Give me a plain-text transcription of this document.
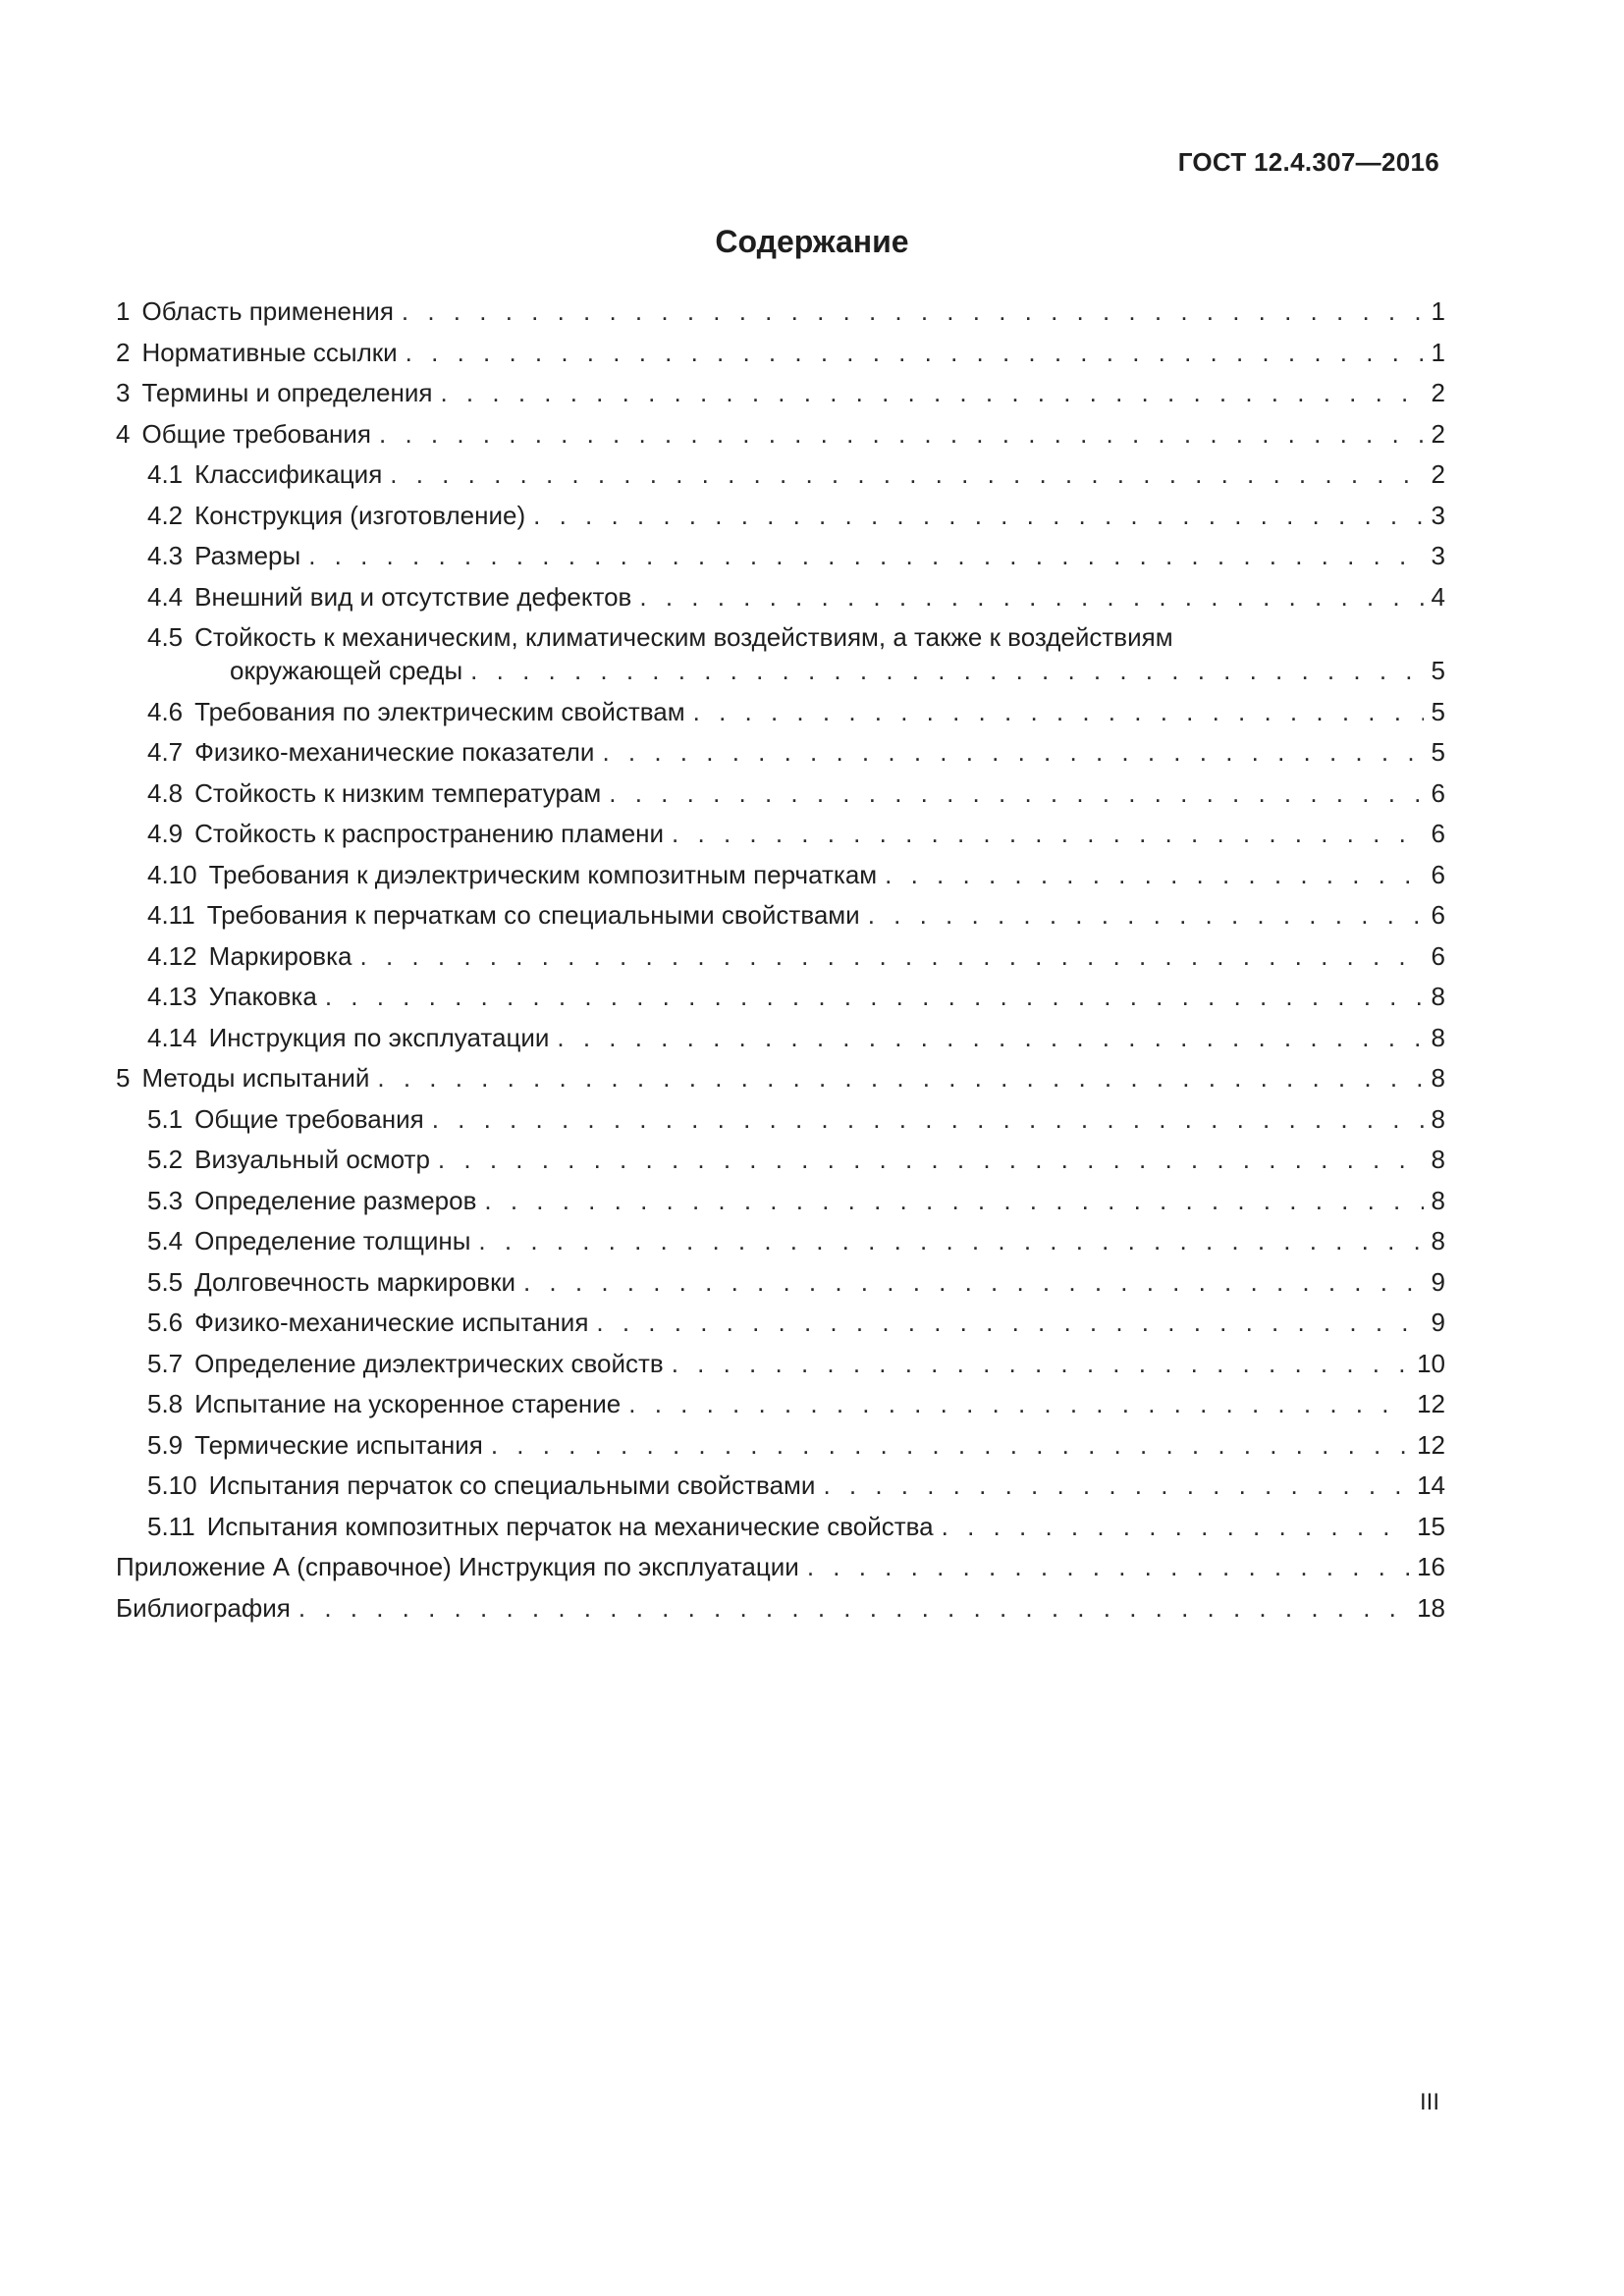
ГОСТ 12.4.307—2016
Содержание
1 Область применения . . .	1
2 Нормативные ссылки . . .	1
3 Термины и определения . . .	2
4 Общие требования . . .	2
4.1 Классификация . . .	2
4.2 Конструкция (изготовление) . . .	3
4.3 Размеры . . .	3
4.4 Внешний вид и отсутствие дефектов . . .	4
4.5 Стойкость к механическим, климатическим воздействиям, а также к воздействиям
окружающей среды . . .	5
4.6 Требования по электрическим свойствам . . .	5
4.7 Физико-механические показатели . . .	5
4.8 Стойкость к низким температурам . . .	6
4.9 Стойкость к распространению пламени . . .	6
4.10 Требования к диэлектрическим композитным перчаткам . . .	6
4.11 Требования к перчаткам со специальными свойствами . . .	6
4.12 Маркировка . . .	6
4.13 Упаковка . . .	8
4.14 Инструкция по эксплуатации . . .	8
5 Методы испытаний . . .	8
5.1 Общие требования . . .	8
5.2 Визуальный осмотр . . .	8
5.3 Определение размеров . . .	8
5.4 Определение толщины . . .	8
5.5 Долговечность маркировки . . .	9
5.6 Физико-механические испытания . . .	9
5.7 Определение диэлектрических свойств . . .	10
5.8 Испытание на ускоренное старение . . .	12
5.9 Термические испытания . . .	12
5.10 Испытания перчаток со специальными свойствами . . .	14
5.11 Испытания композитных перчаток на механические свойства . . .	15
Приложение А (справочное) Инструкция по эксплуатации . . .	16
Библиография . . .	18
III
